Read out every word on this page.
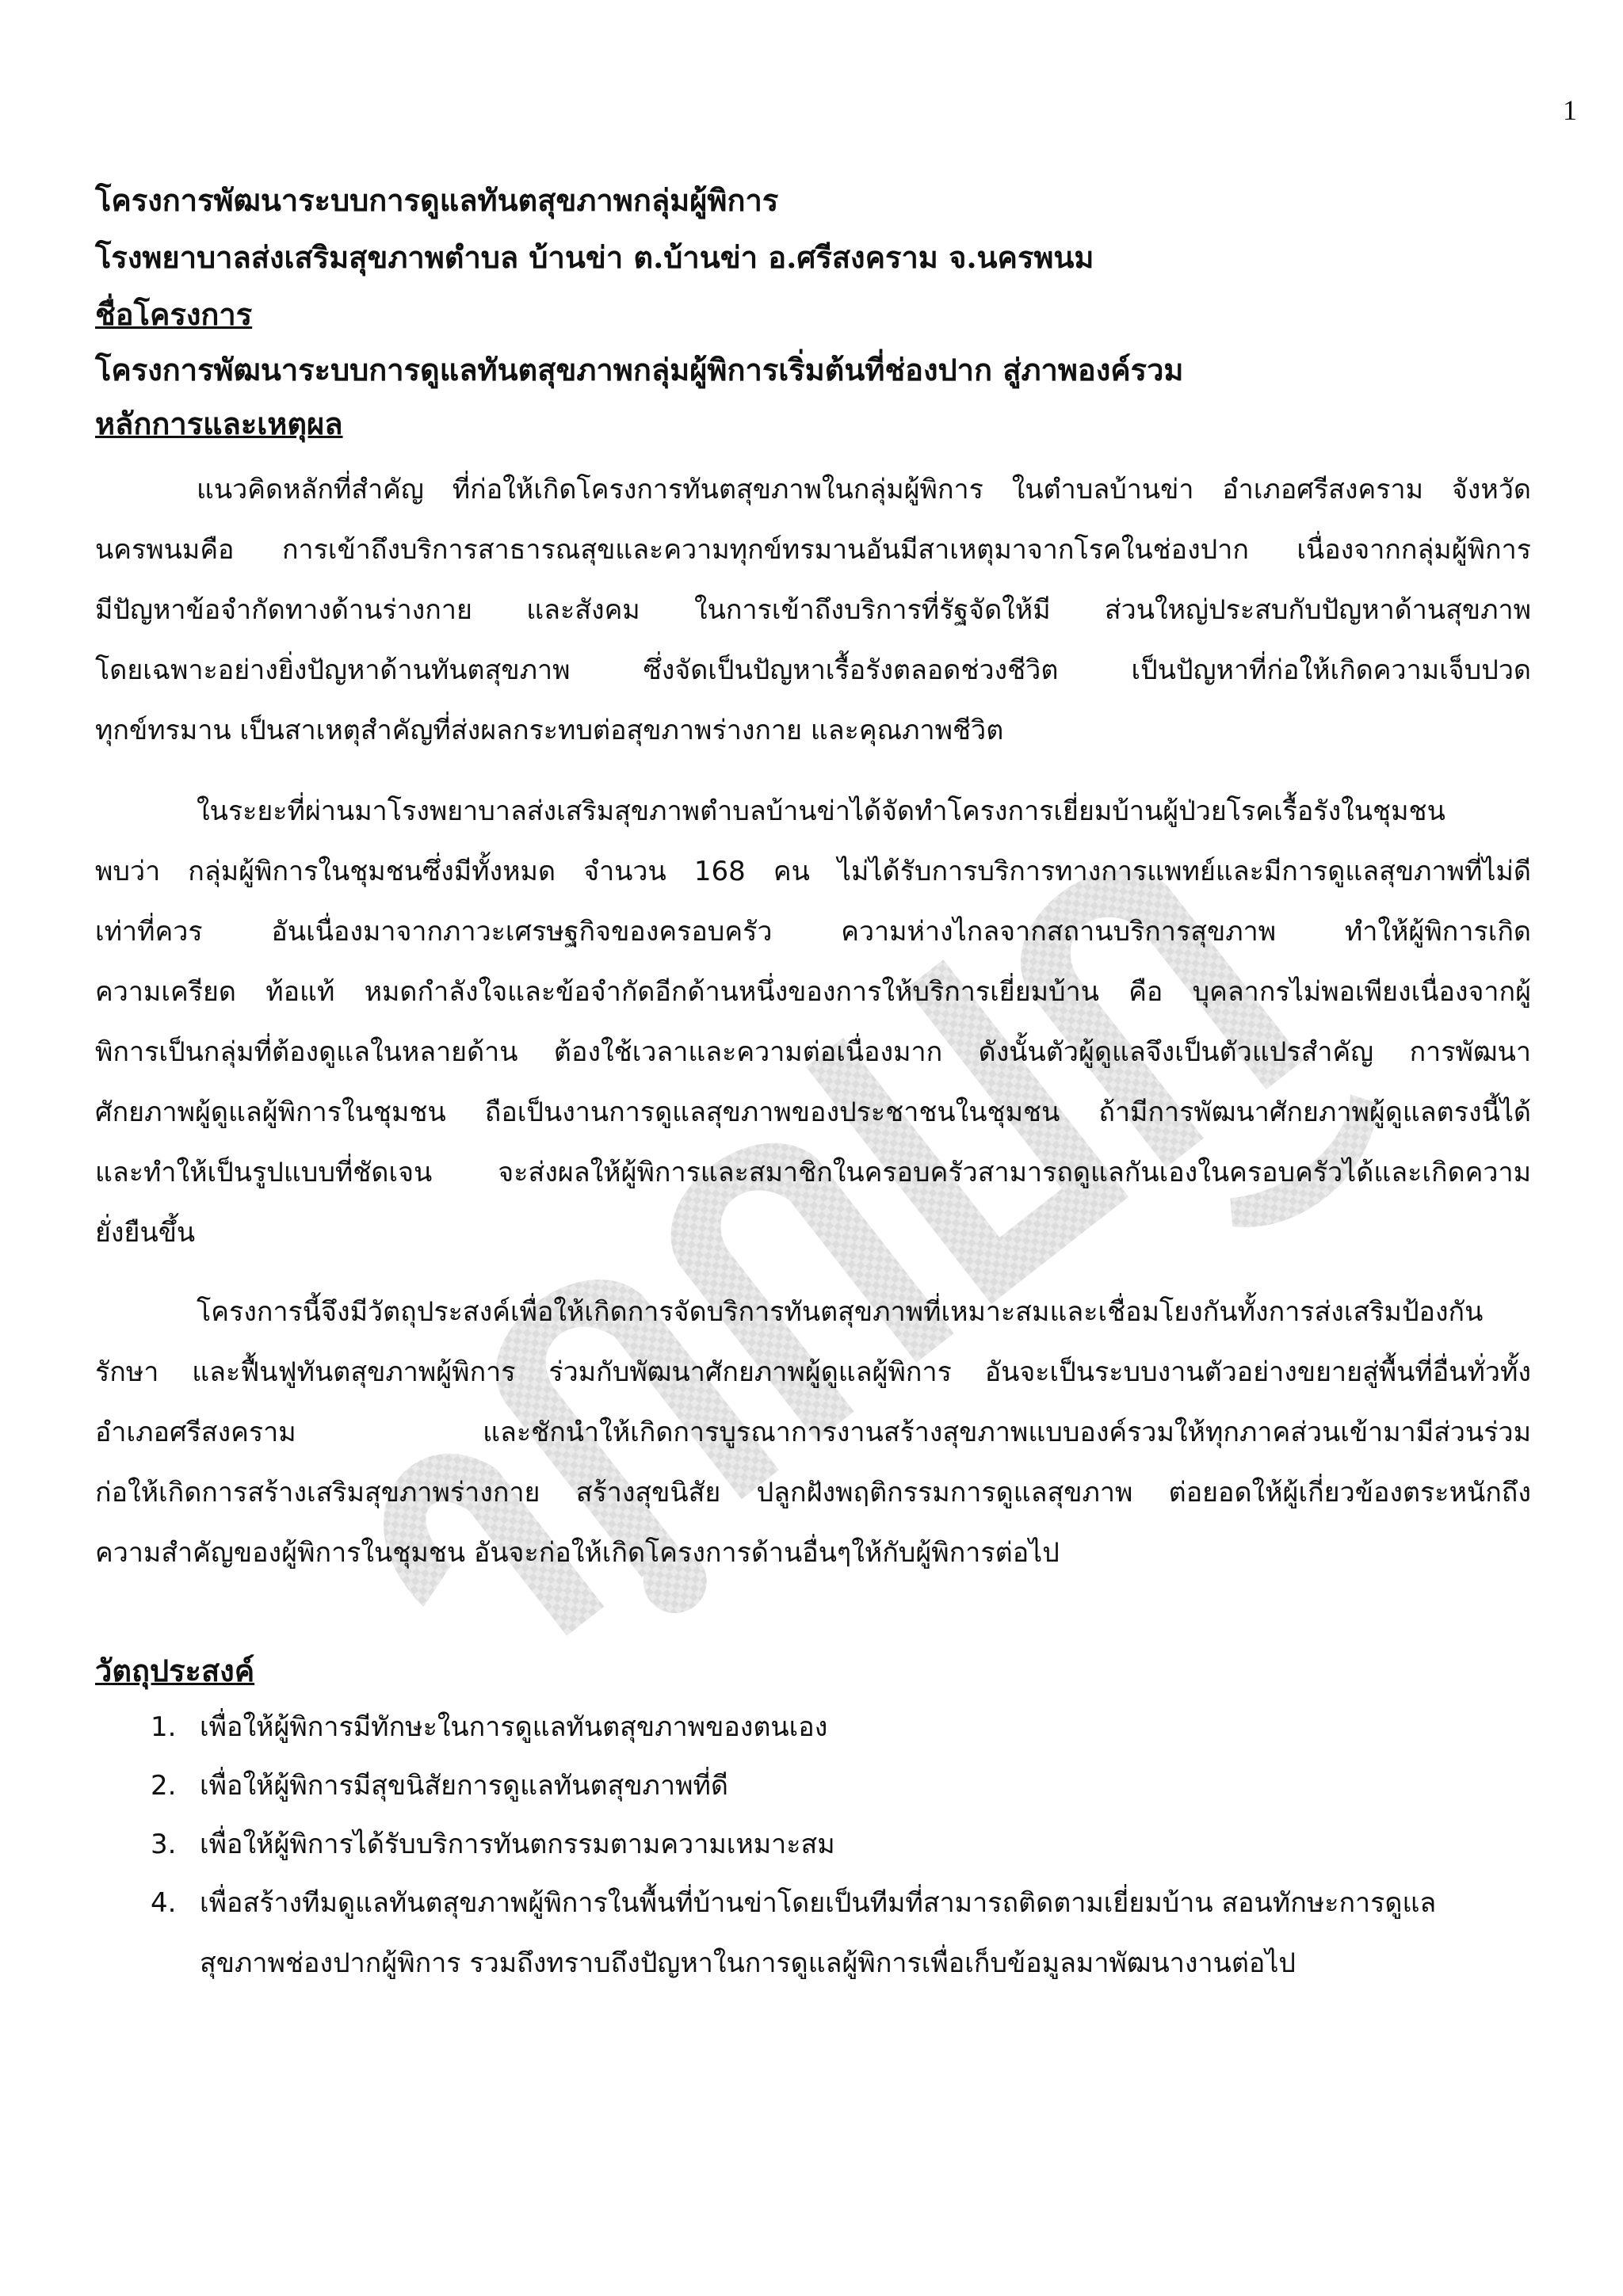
1
โครงการพัฒนาระบบการดูแลทันตสุขภาพกลุ่มผู้พิการ
โรงพยาบาลส่งเสริมสุขภาพตำบล บ้านข่า ต.บ้านข่า อ.ศรีสงคราม จ.นครพนม
ชื่อโครงการ
โครงการพัฒนาระบบการดูแลทันตสุขภาพกลุ่มผู้พิการเริ่มต้นที่ช่องปาก สู่ภาพองค์รวม
หลักการและเหตุผล
แนวคิดหลักที่สำคัญ ที่ก่อให้เกิดโครงการทันตสุขภาพในกลุ่มผู้พิการ ในตำบลบ้านข่า อำเภอศรีสงคราม จังหวัด
นครพนมคือ การเข้าถึงบริการสาธารณสุขและความทุกข์ทรมานอันมีสาเหตุมาจากโรคในช่องปาก เนื่องจากกลุ่มผู้พิการ
มีปัญหาข้อจำกัดทางด้านร่างกาย และสังคม ในการเข้าถึงบริการที่รัฐจัดให้มี ส่วนใหญ่ประสบกับปัญหาด้านสุขภาพ
โดยเฉพาะอย่างยิ่งปัญหาด้านทันตสุขภาพ ซึ่งจัดเป็นปัญหาเรื้อรังตลอดช่วงชีวิต เป็นปัญหาที่ก่อให้เกิดความเจ็บปวด
ทุกข์ทรมาน เป็นสาเหตุสำคัญที่ส่งผลกระทบต่อสุขภาพร่างกาย และคุณภาพชีวิต
ในระยะที่ผ่านมาโรงพยาบาลส่งเสริมสุขภาพตำบลบ้านข่าได้จัดทำโครงการเยี่ยมบ้านผู้ป่วยโรคเรื้อรังในชุมชน
พบว่า กลุ่มผู้พิการในชุมชนซึ่งมีทั้งหมด จำนวน 168 คน ไม่ได้รับการบริการทางการแพทย์และมีการดูแลสุขภาพที่ไม่ดี
เท่าที่ควร อันเนื่องมาจากภาวะเศรษฐกิจของครอบครัว ความห่างไกลจากสถานบริการสุขภาพ ทำให้ผู้พิการเกิด
ความเครียด ท้อแท้ หมดกำลังใจและข้อจำกัดอีกด้านหนึ่งของการให้บริการเยี่ยมบ้าน คือ บุคลากรไม่พอเพียงเนื่องจากผู้
พิการเป็นกลุ่มที่ต้องดูแลในหลายด้าน ต้องใช้เวลาและความต่อเนื่องมาก ดังนั้นตัวผู้ดูแลจึงเป็นตัวแปรสำคัญ การพัฒนา
ศักยภาพผู้ดูแลผู้พิการในชุมชน ถือเป็นงานการดูแลสุขภาพของประชาชนในชุมชน ถ้ามีการพัฒนาศักยภาพผู้ดูแลตรงนี้ได้
และทำให้เป็นรูปแบบที่ชัดเจน จะส่งผลให้ผู้พิการและสมาชิกในครอบครัวสามารถดูแลกันเองในครอบครัวได้และเกิดความ
ยั่งยืนขึ้น
โครงการนี้จึงมีวัตถุประสงค์เพื่อให้เกิดการจัดบริการทันตสุขภาพที่เหมาะสมและเชื่อมโยงกันทั้งการส่งเสริมป้องกัน
รักษา และฟื้นฟูทันตสุขภาพผู้พิการ ร่วมกับพัฒนาศักยภาพผู้ดูแลผู้พิการ อันจะเป็นระบบงานตัวอย่างขยายสู่พื้นที่อื่นทั่วทั้ง
อำเภอศรีสงคราม และชักนำให้เกิดการบูรณาการงานสร้างสุขภาพแบบองค์รวมให้ทุกภาคส่วนเข้ามามีส่วนร่วม
ก่อให้เกิดการสร้างเสริมสุขภาพร่างกาย สร้างสุขนิสัย ปลูกฝังพฤติกรรมการดูแลสุขภาพ ต่อยอดให้ผู้เกี่ยวข้องตระหนักถึง
ความสำคัญของผู้พิการในชุมชน อันจะก่อให้เกิดโครงการด้านอื่นๆให้กับผู้พิการต่อไป
วัตถุประสงค์
1. เพื่อให้ผู้พิการมีทักษะในการดูแลทันตสุขภาพของตนเอง
2. เพื่อให้ผู้พิการมีสุขนิสัยการดูแลทันตสุขภาพที่ดี
3. เพื่อให้ผู้พิการได้รับบริการทันตกรรมตามความเหมาะสม
4. เพื่อสร้างทีมดูแลทันตสุขภาพผู้พิการในพื้นที่บ้านข่าโดยเป็นทีมที่สามารถติดตามเยี่ยมบ้าน สอนทักษะการดูแล
สุขภาพช่องปากผู้พิการ รวมถึงทราบถึงปัญหาในการดูแลผู้พิการเพื่อเก็บข้อมูลมาพัฒนางานต่อไป
